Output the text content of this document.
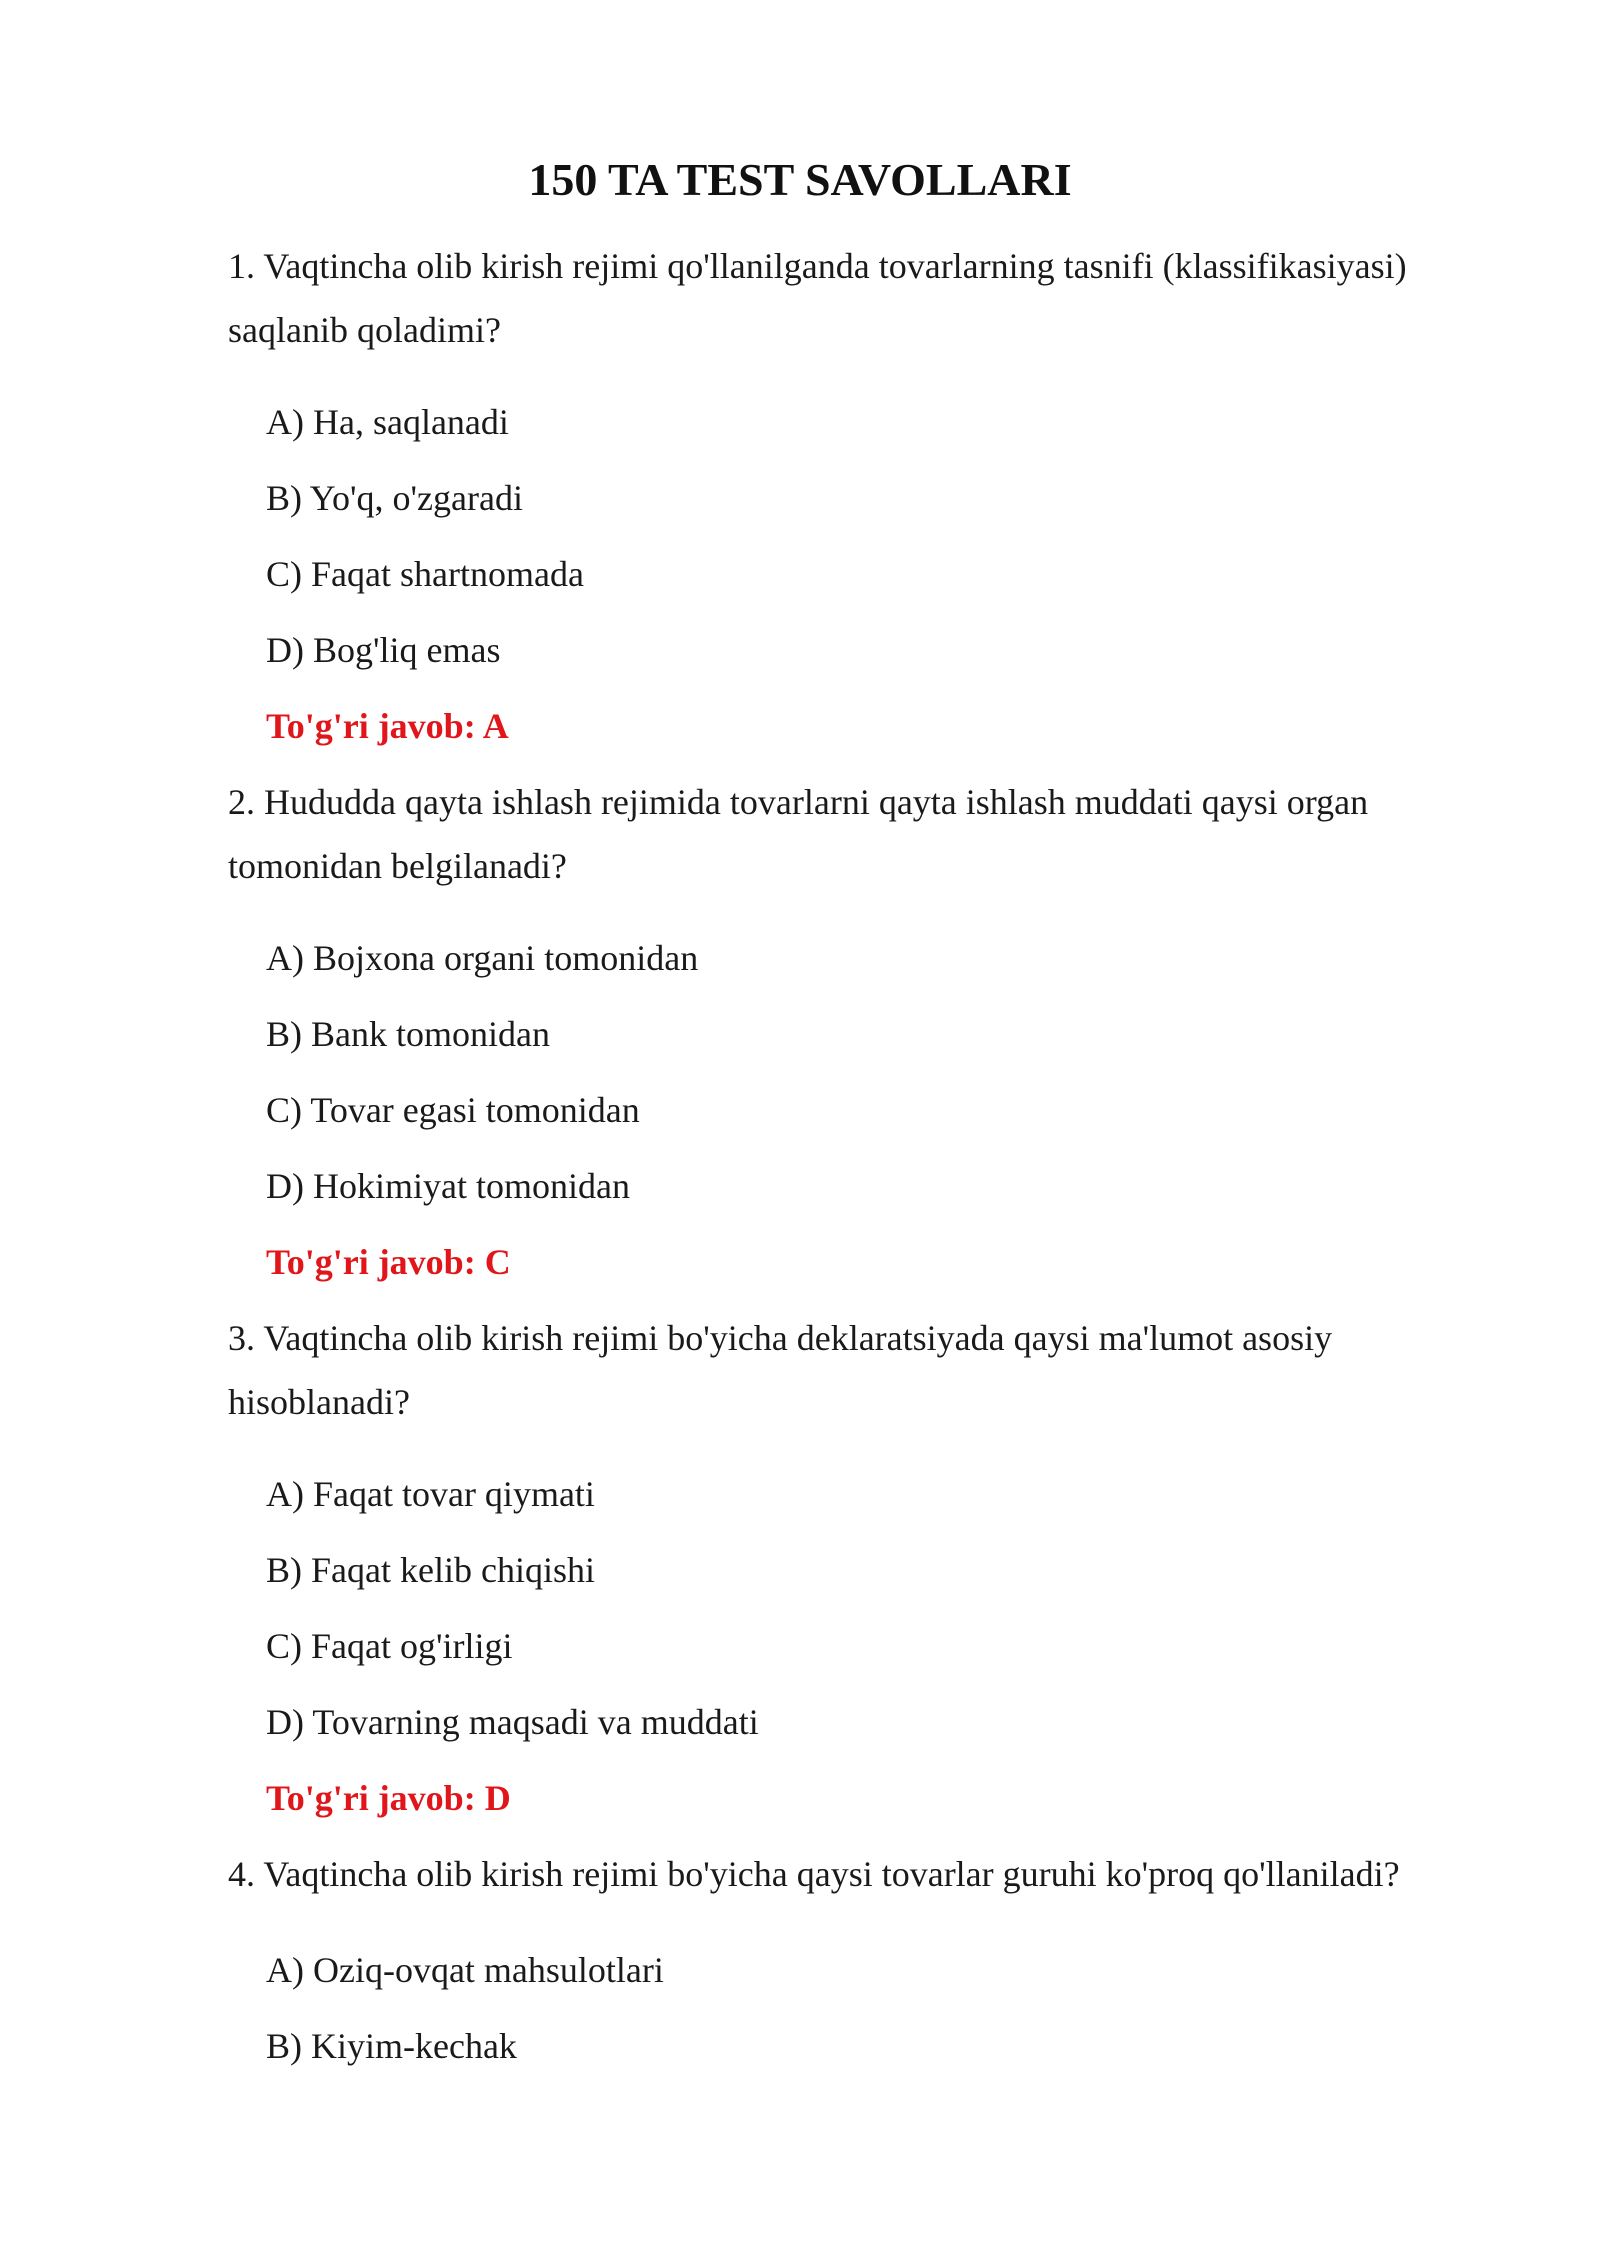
150 TA TEST SAVOLLARI

1. Vaqtincha olib kirish rejimi qo'llanilganda tovarlarning tasnifi (klassifikasiyasi) saqlanib qoladimi?

A) Ha, saqlanadi

B) Yo'q, o'zgaradi

C) Faqat shartnomada

D) Bog'liq emas

To'g'ri javob: A

2. Hududda qayta ishlash rejimida tovarlarni qayta ishlash muddati qaysi organ tomonidan belgilanadi?

A) Bojxona organi tomonidan

B) Bank tomonidan

C) Tovar egasi tomonidan

D) Hokimiyat tomonidan

To'g'ri javob: C

3. Vaqtincha olib kirish rejimi bo'yicha deklaratsiyada qaysi ma'lumot asosiy hisoblanadi?

A) Faqat tovar qiymati

B) Faqat kelib chiqishi

C) Faqat og'irligi

D) Tovarning maqsadi va muddati

To'g'ri javob: D

4. Vaqtincha olib kirish rejimi bo'yicha qaysi tovarlar guruhi ko'proq qo'llaniladi?

A) Oziq-ovqat mahsulotlari

B) Kiyim-kechak
